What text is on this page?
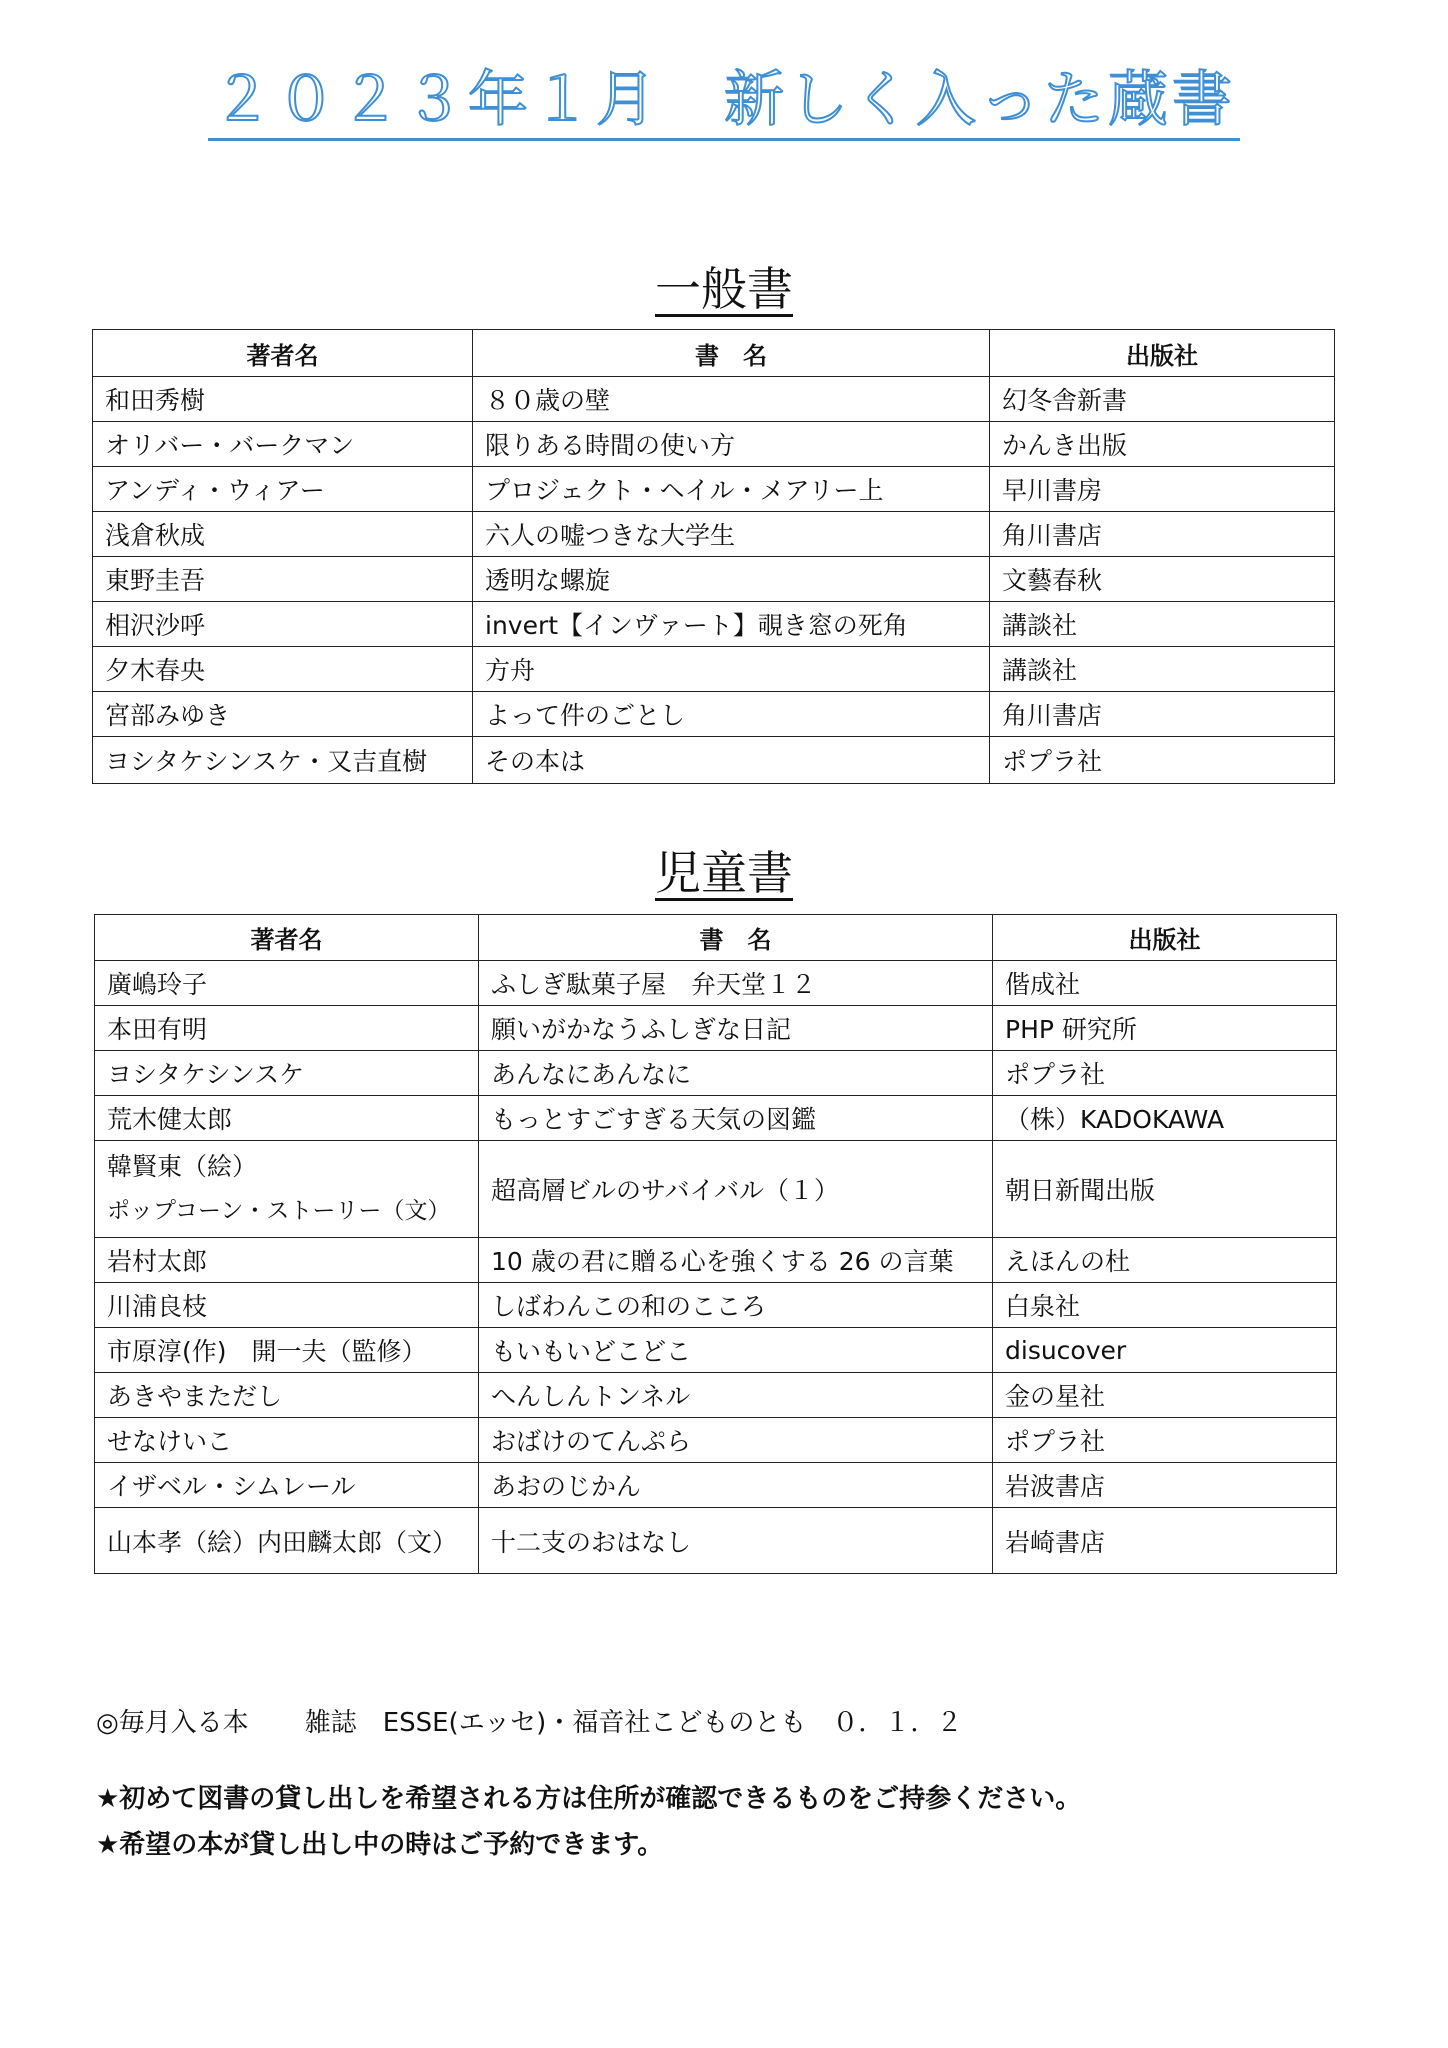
２０２３年１月　新しく入った蔵書
一般書
著者名	書　名	出版社
和田秀樹	８０歳の壁	幻冬舎新書
オリバー・バークマン	限りある時間の使い方	かんき出版
アンディ・ウィアー	プロジェクト・ヘイル・メアリー上	早川書房
浅倉秋成	六人の嘘つきな大学生	角川書店
東野圭吾	透明な螺旋	文藝春秋
相沢沙呼	invert【インヴァート】覗き窓の死角	講談社
夕木春央	方舟	講談社
宮部みゆき	よって件のごとし	角川書店
ヨシタケシンスケ・又吉直樹	その本は	ポプラ社
児童書
著者名	書　名	出版社
廣嶋玲子	ふしぎ駄菓子屋　弁天堂１２	偕成社
本田有明	願いがかなうふしぎな日記	PHP 研究所
ヨシタケシンスケ	あんなにあんなに	ポプラ社
荒木健太郎	もっとすごすぎる天気の図鑑	（株）KADOKAWA

韓賢東（絵）
ポップコーン・ストーリー（文）	超高層ビルのサバイバル（１）	朝日新聞出版
岩村太郎	10 歳の君に贈る心を強くする 26 の言葉	えほんの杜
川浦良枝	しばわんこの和のこころ	白泉社
市原淳(作)　開一夫（監修）	もいもいどこどこ	disucover
あきやまただし	へんしんトンネル	金の星社
せなけいこ	おばけのてんぷら	ポプラ社
イザベル・シムレール	あおのじかん	岩波書店
山本孝（絵）内田麟太郎（文）	十二支のおはなし	岩崎書店
◎毎月入る本 雑誌　ESSE(エッセ)・福音社こどものとも　０．１．２
★初めて図書の貸し出しを希望される方は住所が確認できるものをご持参ください。
★希望の本が貸し出し中の時はご予約できます。
